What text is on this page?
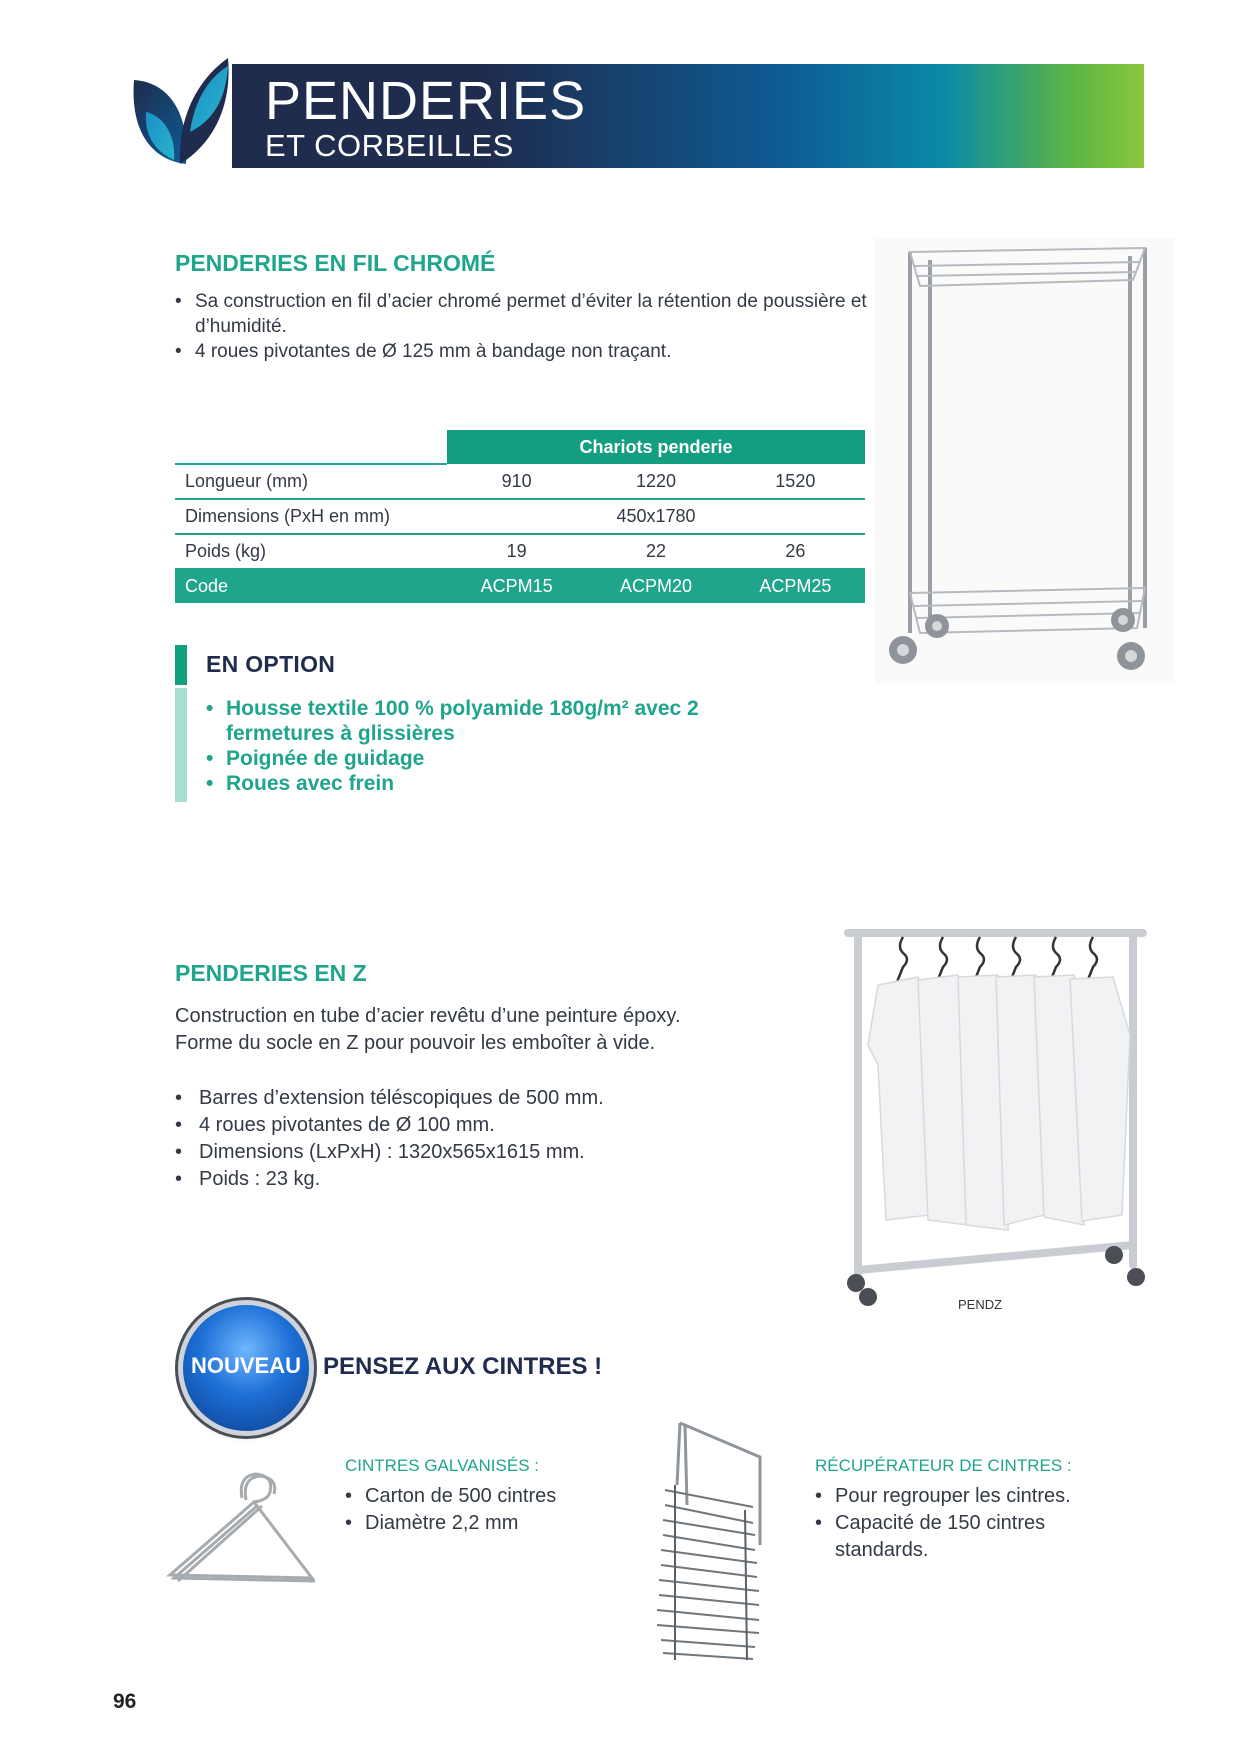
PENDERIES
ET CORBEILLES
PENDERIES EN FIL CHROMÉ
• Sa construction en fil d’acier chromé permet d’éviter la rétention de poussière et d’humidité.
• 4 roues pivotantes de Ø 125 mm à bandage non traçant.
	Chariots penderie		
Longueur (mm)	910	1220	1520
Dimensions (PxH en mm)	450x1780		
Poids (kg)	19	22	26
Code	ACPM15	ACPM20	ACPM25
EN OPTION
• Housse textile 100 % polyamide 180g/m² avec 2 fermetures à glissières
• Poignée de guidage
• Roues avec frein
PENDERIES EN Z
Construction en tube d’acier revêtu d’une peinture époxy.
Forme du socle en Z pour pouvoir les emboîter à vide.
• Barres d’extension téléscopiques de 500 mm.
• 4 roues pivotantes de Ø 100 mm.
• Dimensions (LxPxH) : 1320x565x1615 mm.
• Poids : 23 kg.
PENDZ
NOUVEAU PENSEZ AUX CINTRES !
CINTRES GALVANISÉS :
• Carton de 500 cintres
• Diamètre 2,2 mm
RÉCUPÉRATEUR DE CINTRES :
• Pour regrouper les cintres.
• Capacité de 150 cintres standards.
96
